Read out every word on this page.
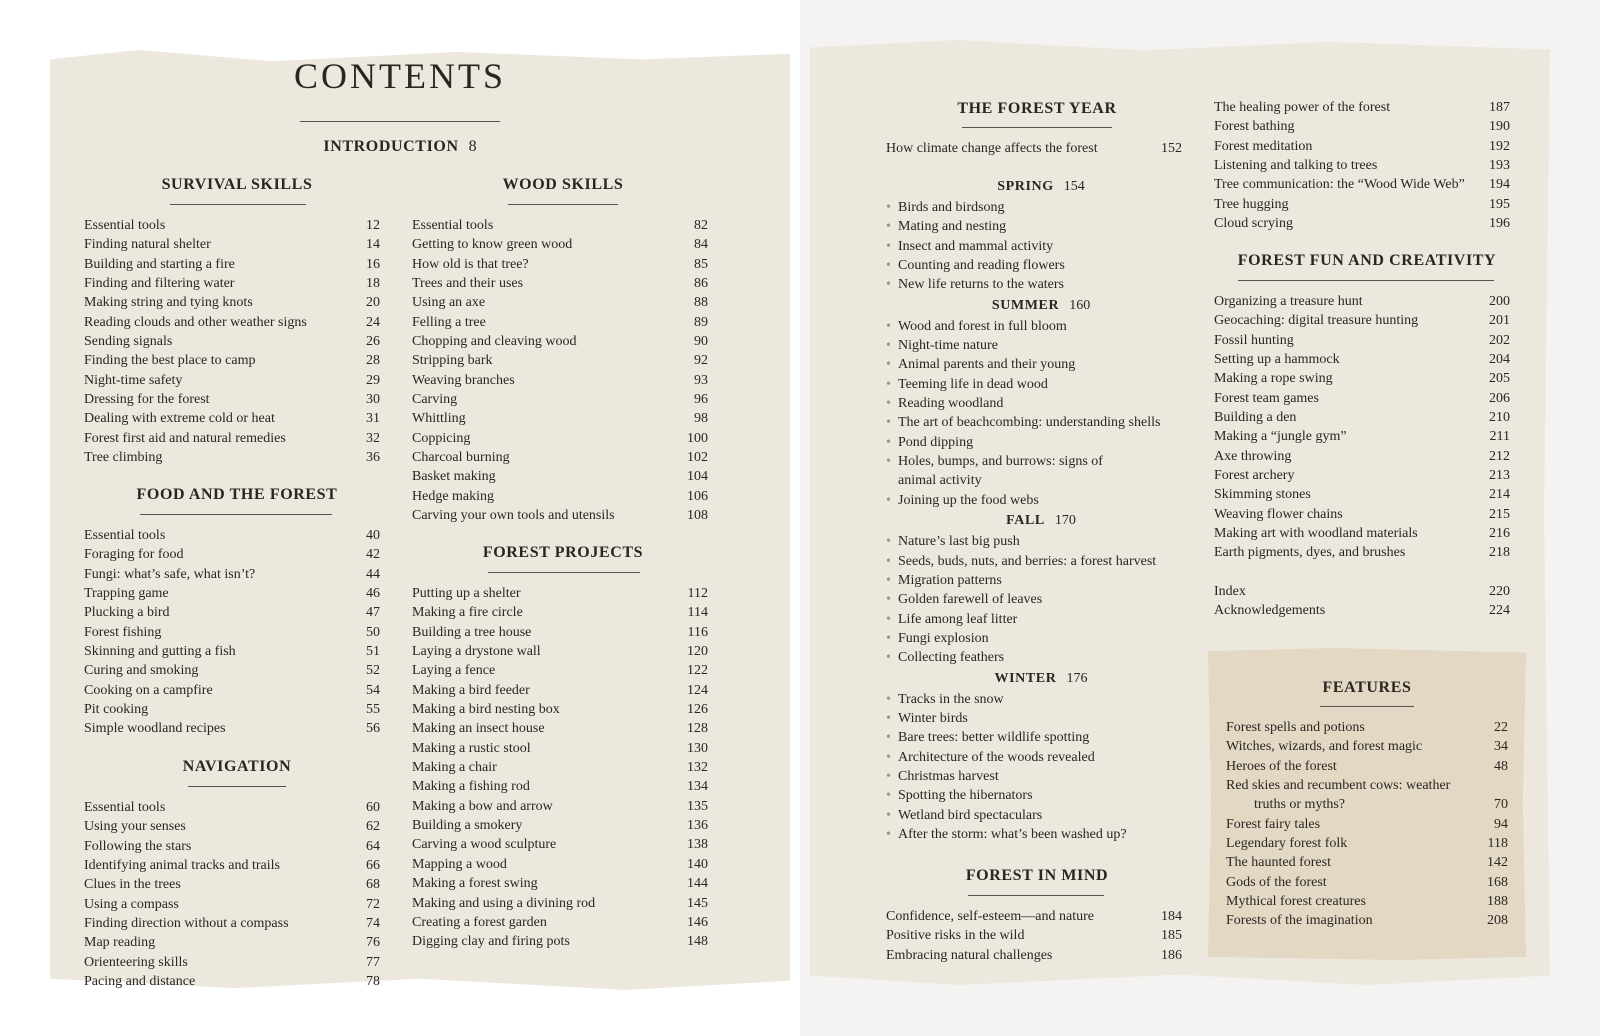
CONTENTS
INTRODUCTION 8
SURVIVAL SKILLS
Essential tools	12
Finding natural shelter	14
Building and starting a fire	16
Finding and filtering water	18
Making string and tying knots	20
Reading clouds and other weather signs	24
Sending signals	26
Finding the best place to camp	28
Night-time safety	29
Dressing for the forest	30
Dealing with extreme cold or heat	31
Forest first aid and natural remedies	32
Tree climbing	36
FOOD AND THE FOREST
Essential tools	40
Foraging for food	42
Fungi: what’s safe, what isn’t?	44
Trapping game	46
Plucking a bird	47
Forest fishing	50
Skinning and gutting a fish	51
Curing and smoking	52
Cooking on a campfire	54
Pit cooking	55
Simple woodland recipes	56
NAVIGATION
Essential tools	60
Using your senses	62
Following the stars	64
Identifying animal tracks and trails	66
Clues in the trees	68
Using a compass	72
Finding direction without a compass	74
Map reading	76
Orienteering skills	77
Pacing and distance	78
WOOD SKILLS
Essential tools	82
Getting to know green wood	84
How old is that tree?	85
Trees and their uses	86
Using an axe	88
Felling a tree	89
Chopping and cleaving wood	90
Stripping bark	92
Weaving branches	93
Carving	96
Whittling	98
Coppicing	100
Charcoal burning	102
Basket making	104
Hedge making	106
Carving your own tools and utensils	108
FOREST PROJECTS
Putting up a shelter	112
Making a fire circle	114
Building a tree house	116
Laying a drystone wall	120
Laying a fence	122
Making a bird feeder	124
Making a bird nesting box	126
Making an insect house	128
Making a rustic stool	130
Making a chair	132
Making a fishing rod	134
Making a bow and arrow	135
Building a smokery	136
Carving a wood sculpture	138
Mapping a wood	140
Making a forest swing	144
Making and using a divining rod	145
Creating a forest garden	146
Digging clay and firing pots	148
THE FOREST YEAR
How climate change affects the forest	152
SPRING 154
• Birds and birdsong
• Mating and nesting
• Insect and mammal activity
• Counting and reading flowers
• New life returns to the waters
SUMMER 160
• Wood and forest in full bloom
• Night-time nature
• Animal parents and their young
• Teeming life in dead wood
• Reading woodland
• The art of beachcombing: understanding shells
• Pond dipping
• Holes, bumps, and burrows: signs of
animal activity
• Joining up the food webs
FALL 170
• Nature’s last big push
• Seeds, buds, nuts, and berries: a forest harvest
• Migration patterns
• Golden farewell of leaves
• Life among leaf litter
• Fungi explosion
• Collecting feathers
WINTER 176
• Tracks in the snow
• Winter birds
• Bare trees: better wildlife spotting
• Architecture of the woods revealed
• Christmas harvest
• Spotting the hibernators
• Wetland bird spectaculars
• After the storm: what’s been washed up?
FOREST IN MIND
Confidence, self-esteem—and nature	184
Positive risks in the wild	185
Embracing natural challenges	186
The healing power of the forest	187
Forest bathing	190
Forest meditation	192
Listening and talking to trees	193
Tree communication: the “Wood Wide Web”	194
Tree hugging	195
Cloud scrying	196
FOREST FUN AND CREATIVITY
Organizing a treasure hunt	200
Geocaching: digital treasure hunting	201
Fossil hunting	202
Setting up a hammock	204
Making a rope swing	205
Forest team games	206
Building a den	210
Making a “jungle gym”	211
Axe throwing	212
Forest archery	213
Skimming stones	214
Weaving flower chains	215
Making art with woodland materials	216
Earth pigments, dyes, and brushes	218
Index	220
Acknowledgements	224
FEATURES
Forest spells and potions	22
Witches, wizards, and forest magic	34
Heroes of the forest	48
Red skies and recumbent cows: weather
truths or myths?	70
Forest fairy tales	94
Legendary forest folk	118
The haunted forest	142
Gods of the forest	168
Mythical forest creatures	188
Forests of the imagination	208
